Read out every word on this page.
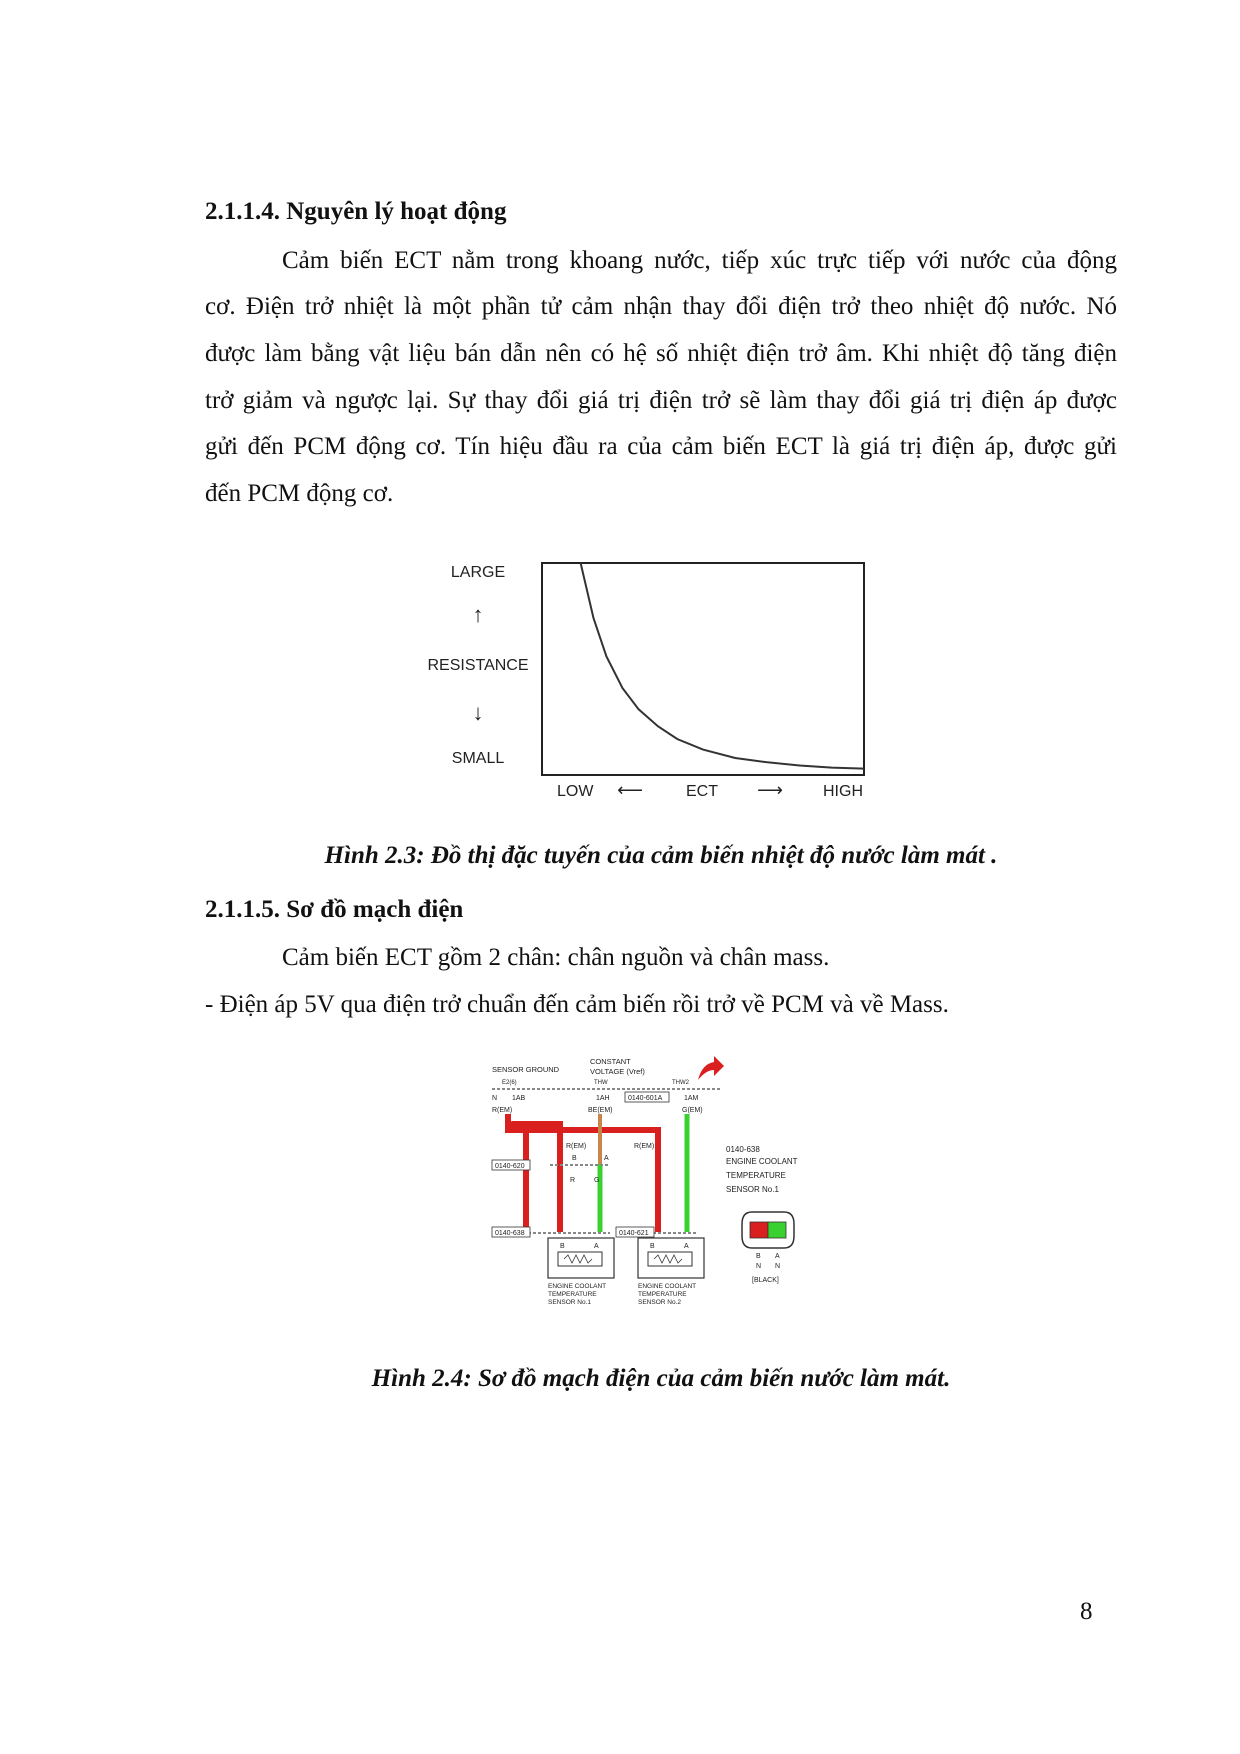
2.1.1.4. Nguyên lý hoạt động
Cảm biến ECT nằm trong khoang nước, tiếp xúc trực tiếp với nước của động
cơ. Điện trở nhiệt là một phần tử cảm nhận thay đổi điện trở theo nhiệt độ nước. Nó
được làm bằng vật liệu bán dẫn nên có hệ số nhiệt điện trở âm. Khi nhiệt độ tăng điện
trở giảm và ngược lại. Sự thay đổi giá trị điện trở sẽ làm thay đổi giá trị điện áp được
gửi đến PCM động cơ. Tín hiệu đầu ra của cảm biến ECT là giá trị điện áp, được gửi
đến PCM động cơ.
LARGE
↑
RESISTANCE
↓
SMALL
LOW ⟵	ECT ⟶	HIGH
Hình 2.3: Đồ thị đặc tuyến của cảm biến nhiệt độ nước làm mát .
2.1.1.5. Sơ đồ mạch điện
Cảm biến ECT gồm 2 chân: chân nguồn và chân mass.
- Điện áp 5V qua điện trở chuẩn đến cảm biến rồi trở về PCM và về Mass.
SENSOR GROUND
CONSTANT
VOLTAGE (Vref)
E2(6)	THW	THW2
N 1AB	1AH	1AM
0140-601A
R(EM)	BE(EM)	G(EM)
R(EM)	R(EM)
B	A
0140-620
R	G
0140-638	0140-621
B	A
ENGINE COOLANT
TEMPERATURE
SENSOR No.1
B	A
ENGINE COOLANT
TEMPERATURE
SENSOR No.2
0140-638
ENGINE COOLANT
TEMPERATURE
SENSOR No.1
B A
N N
[BLACK]
Hình 2.4: Sơ đồ mạch điện của cảm biến nước làm mát.
8
